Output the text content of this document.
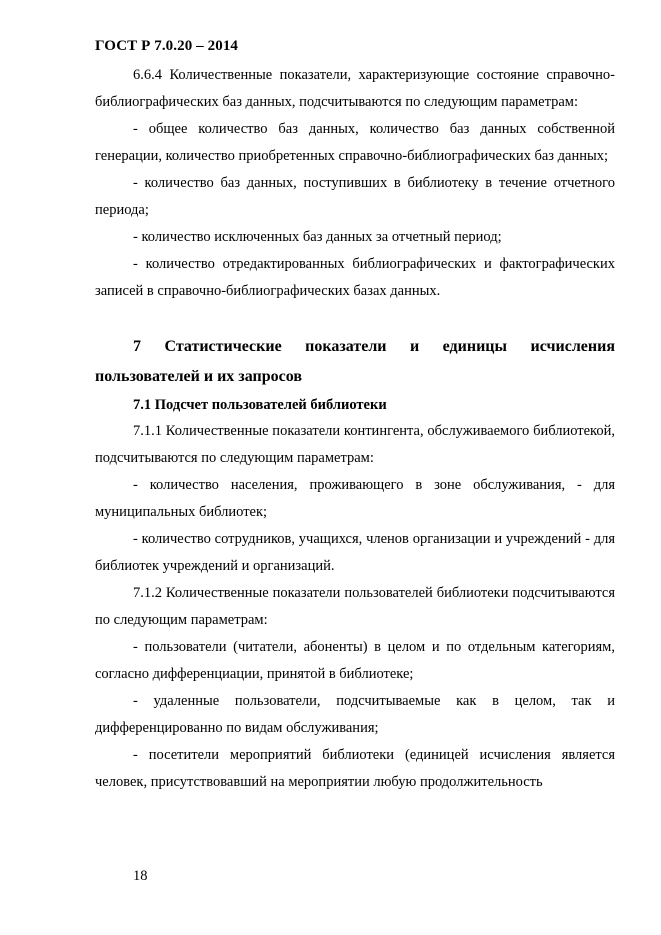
ГОСТ Р 7.0.20 – 2014

6.6.4 Количественные показатели, характеризующие состояние справочно-библиографических баз данных, подсчитываются по следующим параметрам:

- общее количество баз данных, количество баз данных собственной генерации, количество приобретенных справочно-библиографических баз данных;

- количество баз данных, поступивших в библиотеку в течение отчетного периода;

- количество исключенных баз данных за отчетный период;

- количество отредактированных библиографических и фактографических записей в справочно-библиографических базах данных.

7 Статистические показатели и единицы исчисления пользователей и их запросов

7.1 Подсчет пользователей библиотеки

7.1.1 Количественные показатели контингента, обслуживаемого библиотекой, подсчитываются по следующим параметрам:

- количество населения, проживающего в зоне обслуживания, - для муниципальных библиотек;

- количество сотрудников, учащихся, членов организации и учреждений - для библиотек учреждений и организаций.

7.1.2 Количественные показатели пользователей библиотеки подсчитываются по следующим параметрам:

- пользователи (читатели, абоненты) в целом и по отдельным категориям, согласно дифференциации, принятой в библиотеке;

- удаленные пользователи, подсчитываемые как в целом, так и дифференцированно по видам обслуживания;

- посетители мероприятий библиотеки (единицей исчисления является человек, присутствовавший на мероприятии любую продолжительность

18
